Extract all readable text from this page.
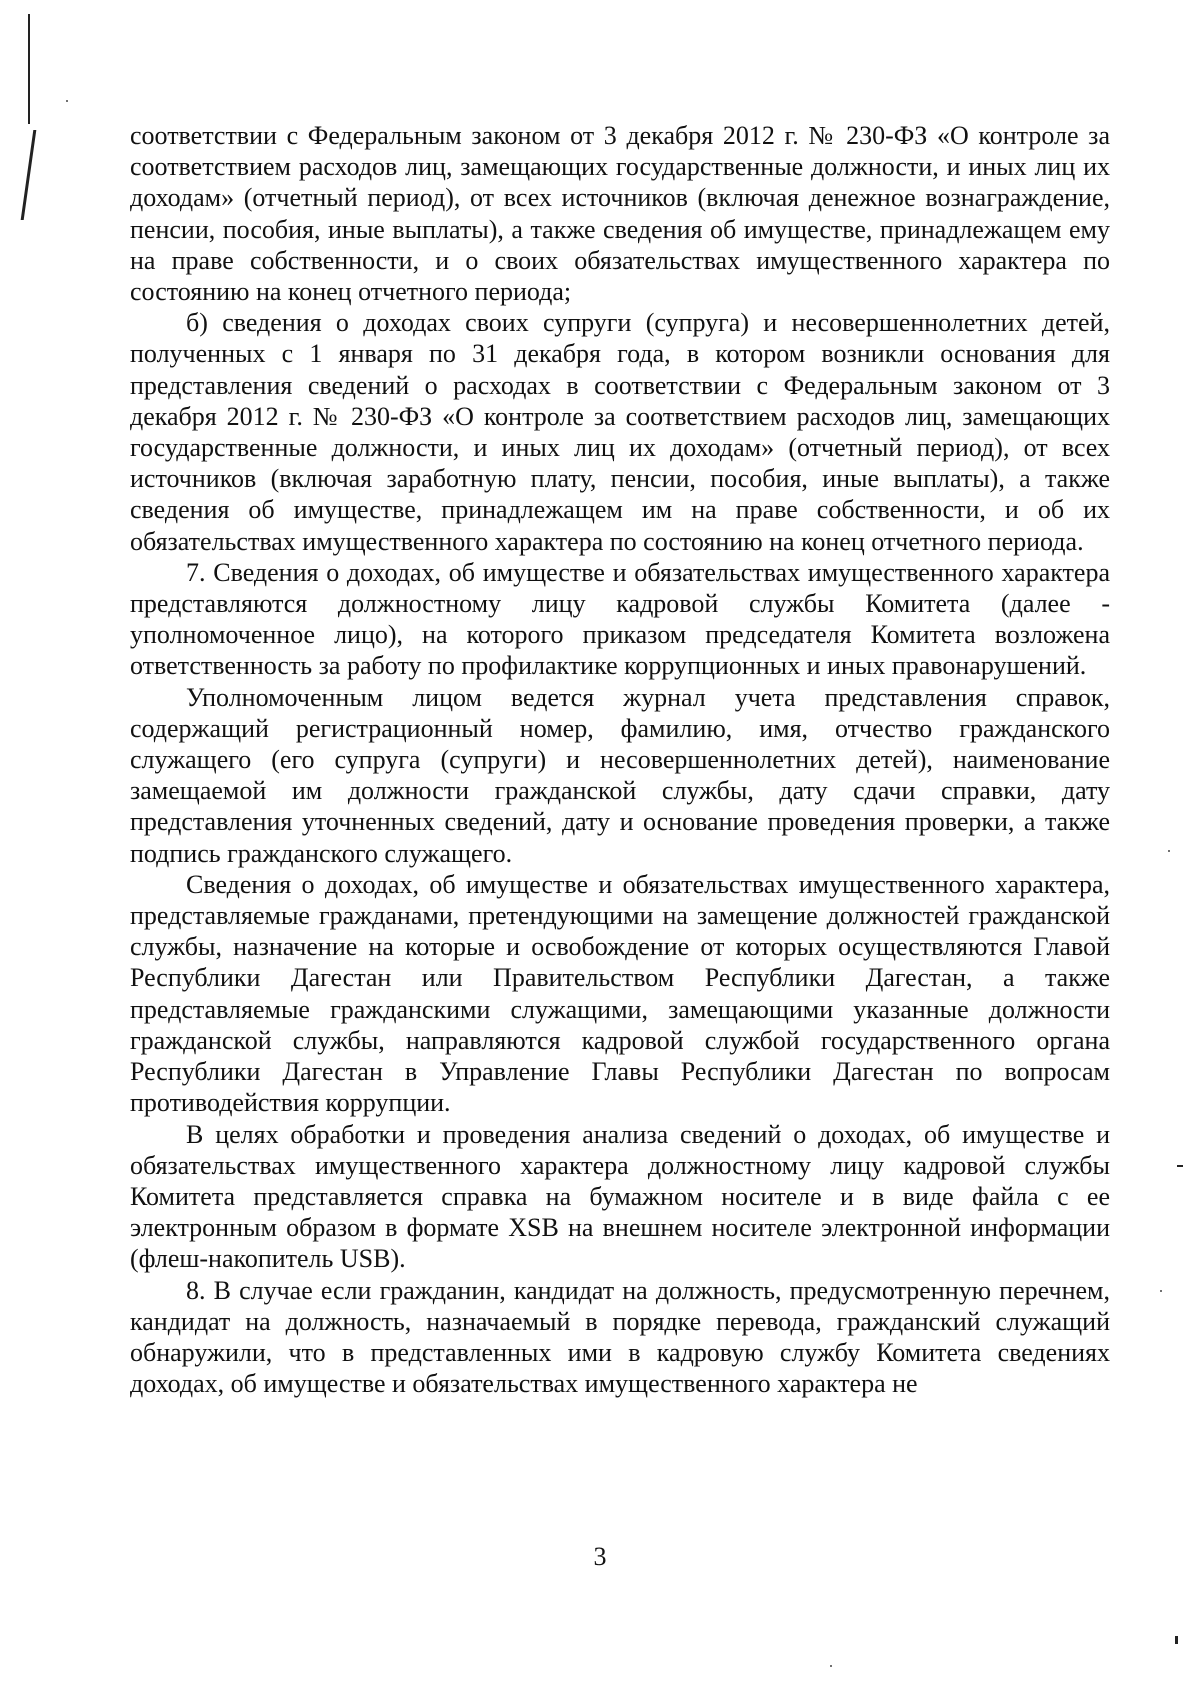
соответствии с Федеральным законом от 3 декабря 2012 г. № 230-ФЗ «О контроле за соответствием расходов лиц, замещающих государственные должности, и иных лиц их доходам» (отчетный период), от всех источников (включая денежное вознаграждение, пенсии, пособия, иные выплаты), а также сведения об имуществе, принадлежащем ему на праве собственности, и о своих обязательствах имущественного характера по состоянию на конец отчетного периода;

б) сведения о доходах своих супруги (супруга) и несовершеннолетних детей, полученных с 1 января по 31 декабря года, в котором возникли основания для представления сведений о расходах в соответствии с Федеральным законом от 3 декабря 2012 г. № 230-ФЗ «О контроле за соответствием расходов лиц, замещающих государственные должности, и иных лиц их доходам» (отчетный период), от всех источников (включая заработную плату, пенсии, пособия, иные выплаты), а также сведения об имуществе, принадлежащем им на праве собственности, и об их обязательствах имущественного характера по состоянию на конец отчетного периода.

7. Сведения о доходах, об имуществе и обязательствах имущественного характера представляются должностному лицу кадровой службы Комитета (далее - уполномоченное лицо), на которого приказом председателя Комитета возложена ответственность за работу по профилактике коррупционных и иных правонарушений.

Уполномоченным лицом ведется журнал учета представления справок, содержащий регистрационный номер, фамилию, имя, отчество гражданского служащего (его супруга (супруги) и несовершеннолетних детей), наименование замещаемой им должности гражданской службы, дату сдачи справки, дату представления уточненных сведений, дату и основание проведения проверки, а также подпись гражданского служащего.

Сведения о доходах, об имуществе и обязательствах имущественного характера, представляемые гражданами, претендующими на замещение должностей гражданской службы, назначение на которые и освобождение от которых осуществляются Главой Республики Дагестан или Правительством Республики Дагестан, а также представляемые гражданскими служащими, замещающими указанные должности гражданской службы, направляются кадровой службой государственного органа Республики Дагестан в Управление Главы Республики Дагестан по вопросам противодействия коррупции.

В целях обработки и проведения анализа сведений о доходах, об имуществе и обязательствах имущественного характера должностному лицу кадровой службы Комитета представляется справка на бумажном носителе и в виде файла с ее электронным образом в формате XSB на внешнем носителе электронной информации (флеш-накопитель USB).

8. В случае если гражданин, кандидат на должность, предусмотренную перечнем, кандидат на должность, назначаемый в порядке перевода, гражданский служащий обнаружили, что в представленных ими в кадровую службу Комитета сведениях доходах, об имуществе и обязательствах имущественного характера не

3
